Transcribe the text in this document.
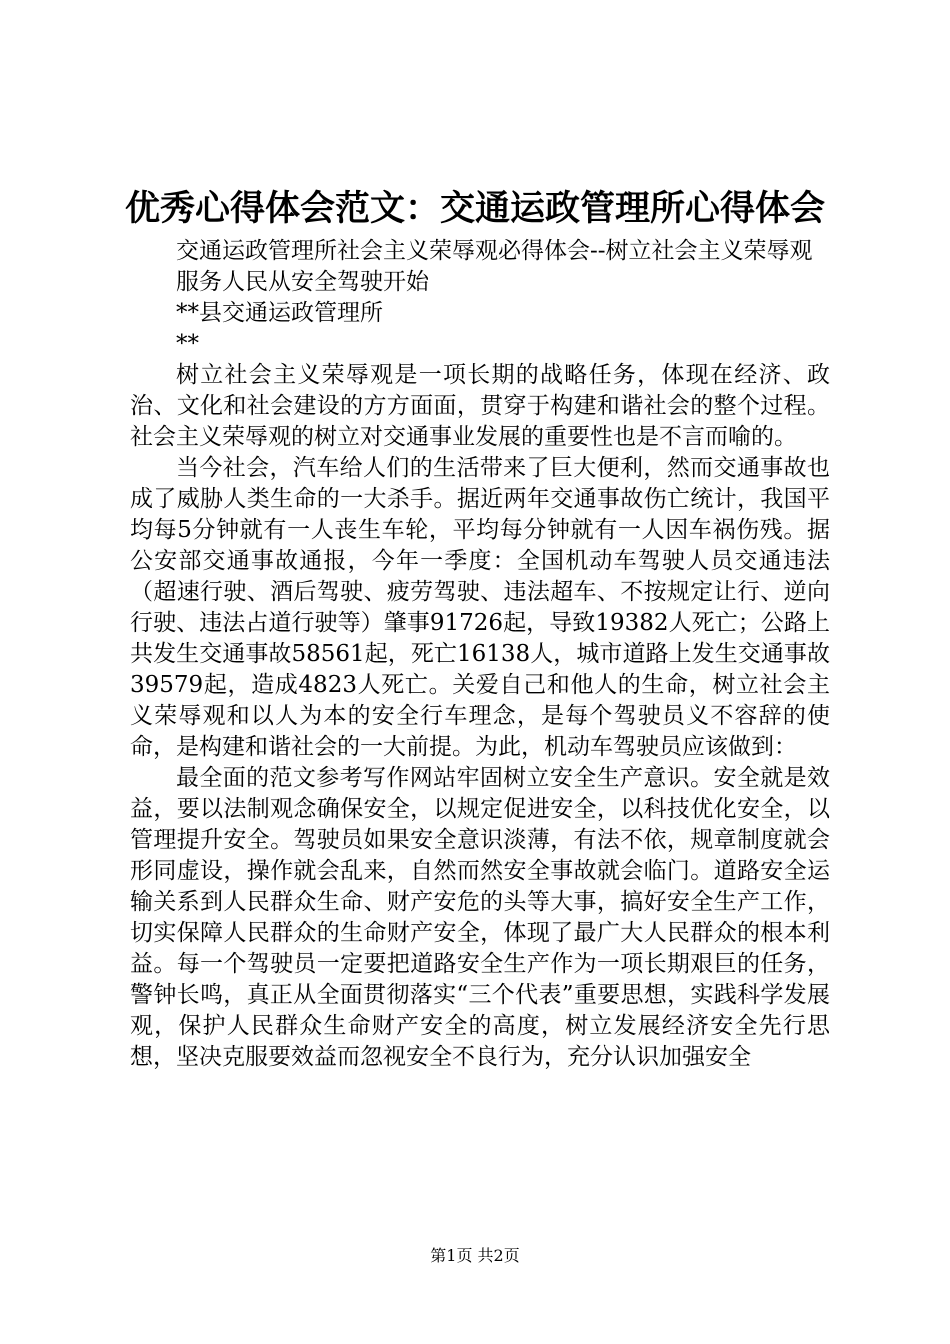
优秀心得体会范文：交通运政管理所心得体会

交通运政管理所社会主义荣辱观必得体会--树立社会主义荣辱观

服务人民从安全驾驶开始

**县交通运政管理所

**

树立社会主义荣辱观是一项长期的战略任务，体现在经济、政治、文化和社会建设的方方面面，贯穿于构建和谐社会的整个过程。社会主义荣辱观的树立对交通事业发展的重要性也是不言而喻的。

当今社会，汽车给人们的生活带来了巨大便利，然而交通事故也成了威胁人类生命的一大杀手。据近两年交通事故伤亡统计，我国平均每5分钟就有一人丧生车轮，平均每分钟就有一人因车祸伤残。据公安部交通事故通报，今年一季度：全国机动车驾驶人员交通违法（超速行驶、酒后驾驶、疲劳驾驶、违法超车、不按规定让行、逆向行驶、违法占道行驶等）肇事91726起，导致19382人死亡；公路上共发生交通事故58561起，死亡16138人，城市道路上发生交通事故39579起，造成4823人死亡。关爱自己和他人的生命，树立社会主义荣辱观和以人为本的安全行车理念，是每个驾驶员义不容辞的使命，是构建和谐社会的一大前提。为此，机动车驾驶员应该做到：

最全面的范文参考写作网站牢固树立安全生产意识。安全就是效益，要以法制观念确保安全，以规定促进安全，以科技优化安全，以管理提升安全。驾驶员如果安全意识淡薄，有法不依，规章制度就会形同虚设，操作就会乱来，自然而然安全事故就会临门。道路安全运输关系到人民群众生命、财产安危的头等大事，搞好安全生产工作，切实保障人民群众的生命财产安全，体现了最广大人民群众的根本利益。每一个驾驶员一定要把道路安全生产作为一项长期艰巨的任务，警钟长鸣，真正从全面贯彻落实“三个代表”重要思想，实践科学发展观，保护人民群众生命财产安全的高度，树立发展经济安全先行思想，坚决克服要效益而忽视安全不良行为，充分认识加强安全

第1页 共2页
